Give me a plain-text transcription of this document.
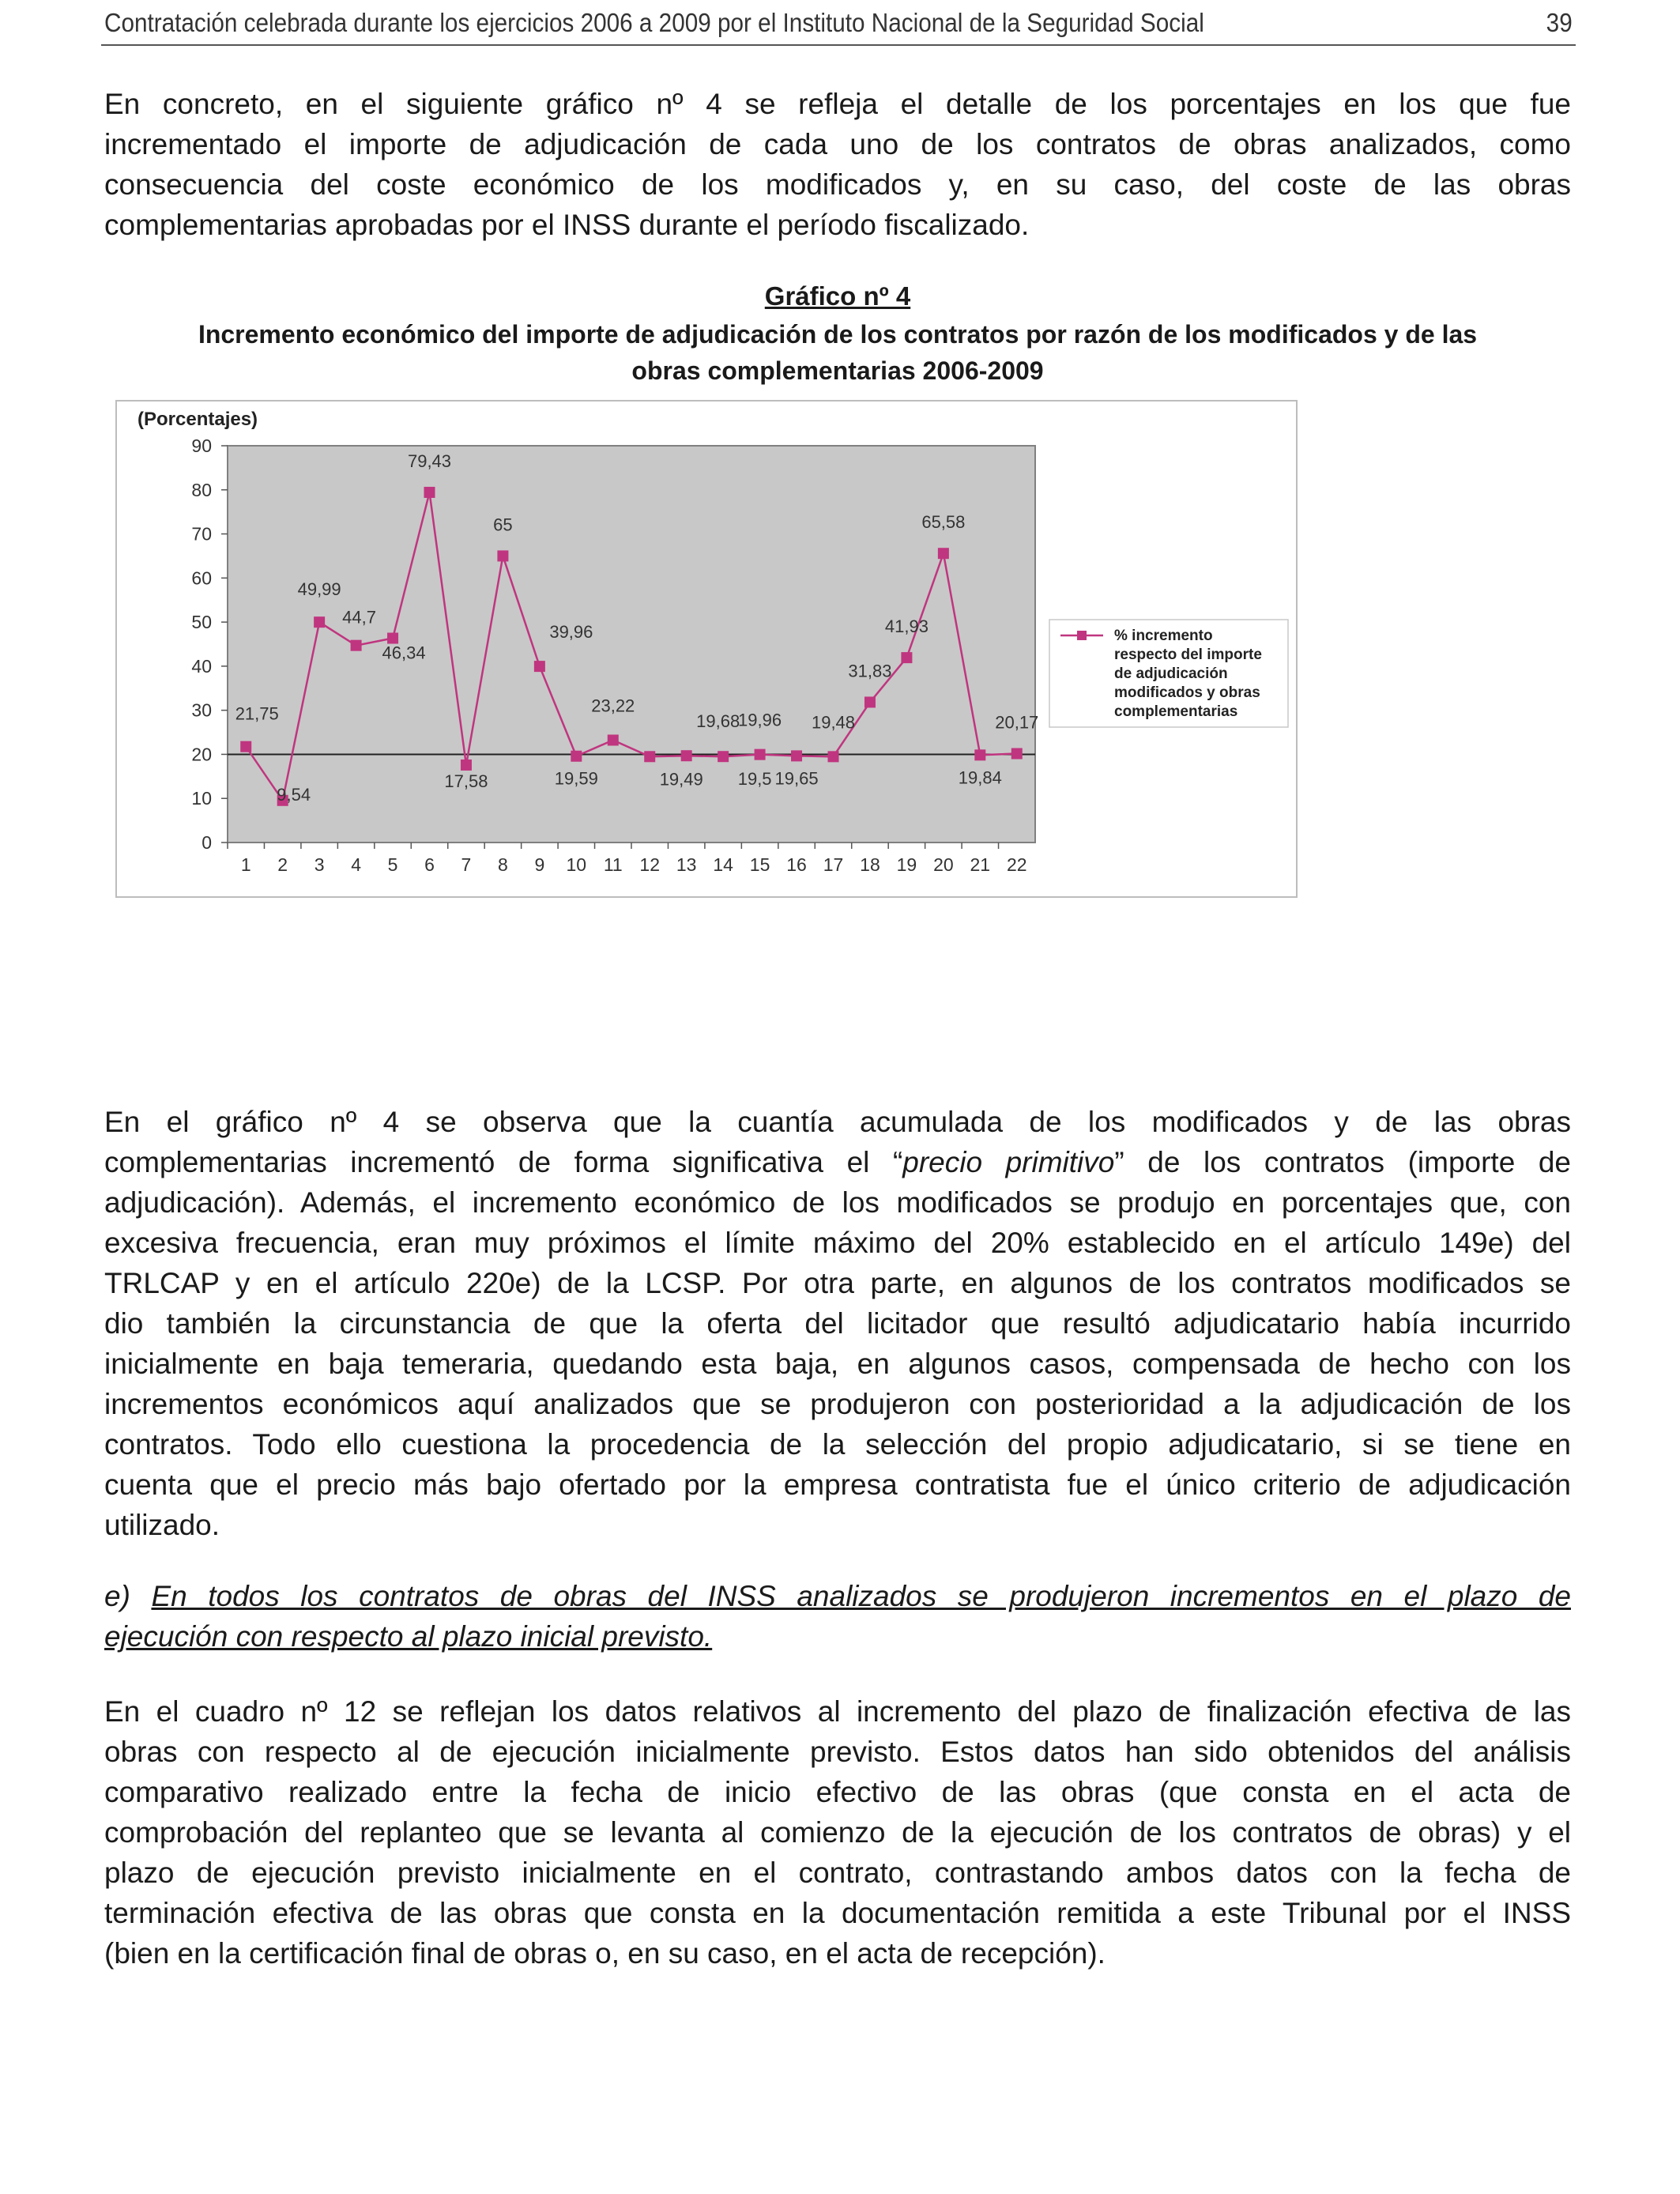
Contratación celebrada durante los ejercicios 2006 a 2009 por el Instituto Nacional de la Seguridad Social	39
En concreto, en el siguiente gráfico nº 4 se refleja el detalle de los porcentajes en los que fue
incrementado el importe de adjudicación de cada uno de los contratos de obras analizados, como
consecuencia del coste económico de los modificados y, en su caso, del coste de las obras
complementarias aprobadas por el INSS durante el período fiscalizado.
Gráfico nº 4
Incremento económico del importe de adjudicación de los contratos por razón de los modificados y de las
obras complementarias 2006-2009
(Porcentajes)
0
10
20
30
40
50
60
70
80
90
1 2 3 4 5 6 7 8 9 10 11 12 13 14 15 16 17 18 19 20 21 22
21,75
9,54
49,99
44,7
46,34
79,43
17,58
65
39,96
19,59
23,22
19,49
19,68
19,5
19,96
19,65
19,48
31,83
41,93
65,58
19,84
20,17
% incremento
respecto del importe
de adjudicación
modificados y obras
complementarias
En el gráfico nº 4 se observa que la cuantía acumulada de los modificados y de las obras
complementarias incrementó de forma significativa el “precio primitivo” de los contratos (importe de
adjudicación). Además, el incremento económico de los modificados se produjo en porcentajes que, con
excesiva frecuencia, eran muy próximos el límite máximo del 20% establecido en el artículo 149e) del
TRLCAP y en el artículo 220e) de la LCSP. Por otra parte, en algunos de los contratos modificados se
dio también la circunstancia de que la oferta del licitador que resultó adjudicatario había incurrido
inicialmente en baja temeraria, quedando esta baja, en algunos casos, compensada de hecho con los
incrementos económicos aquí analizados que se produjeron con posterioridad a la adjudicación de los
contratos. Todo ello cuestiona la procedencia de la selección del propio adjudicatario, si se tiene en
cuenta que el precio más bajo ofertado por la empresa contratista fue el único criterio de adjudicación
utilizado.
e) En todos los contratos de obras del INSS analizados se produjeron incrementos en el plazo de
ejecución con respecto al plazo inicial previsto.
En el cuadro nº 12 se reflejan los datos relativos al incremento del plazo de finalización efectiva de las
obras con respecto al de ejecución inicialmente previsto. Estos datos han sido obtenidos del análisis
comparativo realizado entre la fecha de inicio efectivo de las obras (que consta en el acta de
comprobación del replanteo que se levanta al comienzo de la ejecución de los contratos de obras) y el
plazo de ejecución previsto inicialmente en el contrato, contrastando ambos datos con la fecha de
terminación efectiva de las obras que consta en la documentación remitida a este Tribunal por el INSS
(bien en la certificación final de obras o, en su caso, en el acta de recepción).
